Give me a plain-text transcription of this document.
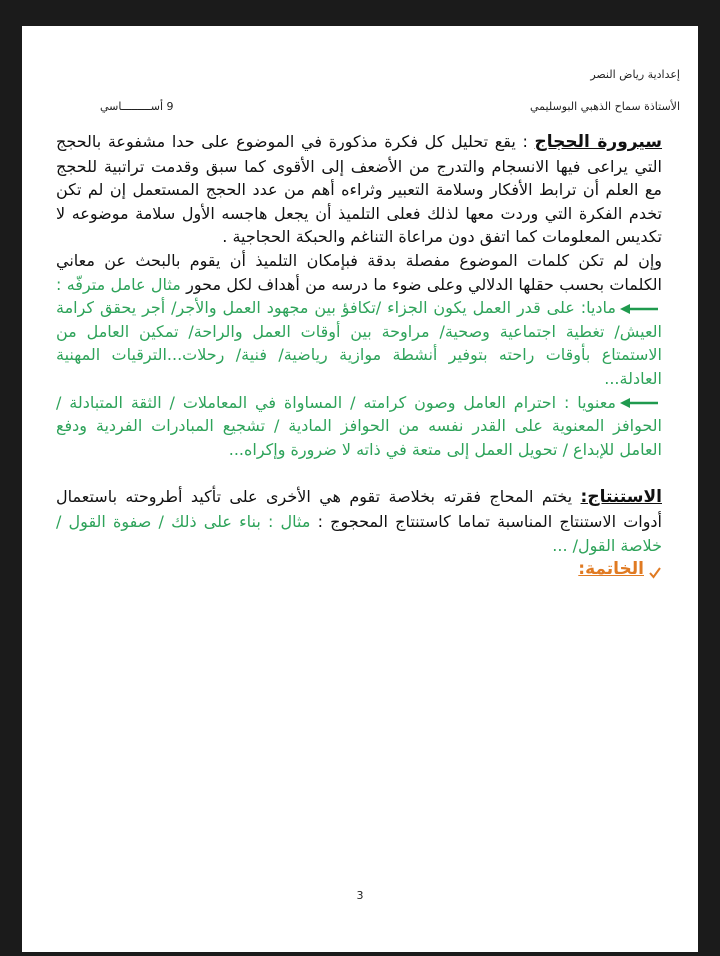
إعدادية رياض النصر

الأستاذة سماح الذهبي البوسليمي
9 أســـــــــاسي

سيرورة الحجاج : يقع تحليل كل فكرة مذكورة في الموضوع على حدا مشفوعة بالحجج التي يراعى فيها الانسجام والتدرج من الأضعف إلى الأقوى كما سبق وقدمت تراتبية للحجج مع العلم أن ترابط الأفكار وسلامة التعبير وثراءه أهم من عدد الحجج المستعمل إن لم تكن تخدم الفكرة التي وردت معها لذلك فعلى التلميذ أن يجعل هاجسه الأول سلامة موضوعه لا تكديس المعلومات كما اتفق دون مراعاة التناغم والحبكة الحجاجية .

وإن لم تكن كلمات الموضوع مفصلة بدقة فبإمكان التلميذ أن يقوم بالبحث عن معاني الكلمات بحسب حقلها الدلالي وعلى ضوء ما درسه من أهداف لكل محور مثال عامل مترفّه :
ماديا: على قدر العمل يكون الجزاء /تكافؤ بين مجهود العمل والأجر/ أجر يحقق كرامة العيش/ تغطية اجتماعية وصحية/ مراوحة بين أوقات العمل والراحة/ تمكين العامل من الاستمتاع بأوقات راحته بتوفير أنشطة موازية رياضية/ فنية/ رحلات...الترقيات المهنية العادلة...

معنويا : احترام العامل وصون كرامته / المساواة في المعاملات / الثقة المتبادلة / الحوافز المعنوية على القدر نفسه من الحوافز المادية / تشجيع المبادرات الفردية ودفع العامل للإبداع / تحويل العمل إلى متعة في ذاته لا ضرورة وإكراه...

الاستنتاج: يختم المحاج فقرته بخلاصة تقوم هي الأخرى على تأكيد أطروحته باستعمال أدوات الاستنتاج المناسبة تماما كاستنتاج المحجوج : مثال : بناء على ذلك / صفوة القول / خلاصة القول/ ...

الخاتمة:

3
